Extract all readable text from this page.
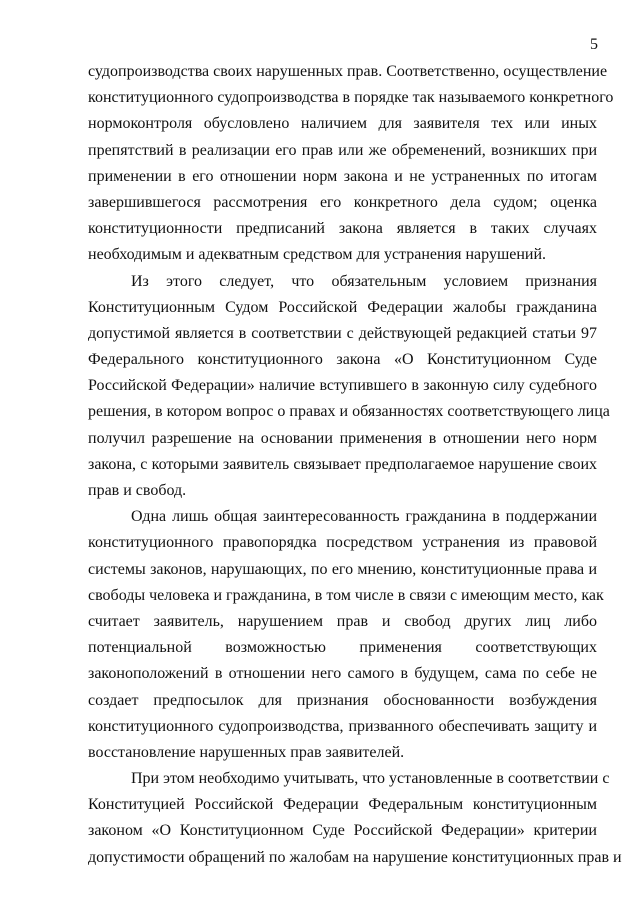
5
судопроизводства своих нарушенных прав. Соответственно, осуществление
конституционного судопроизводства в порядке так называемого конкретного
нормоконтроля обусловлено наличием для заявителя тех или иных
препятствий в реализации его прав или же обременений, возникших при
применении в его отношении норм закона и не устраненных по итогам
завершившегося рассмотрения его конкретного дела судом; оценка
конституционности предписаний закона является в таких случаях
необходимым и адекватным средством для устранения нарушений.
Из этого следует, что обязательным условием признания
Конституционным Судом Российской Федерации жалобы гражданина
допустимой является в соответствии с действующей редакцией статьи 97
Федерального конституционного закона «О Конституционном Суде
Российской Федерации» наличие вступившего в законную силу судебного
решения, в котором вопрос о правах и обязанностях соответствующего лица
получил разрешение на основании применения в отношении него норм
закона, с которыми заявитель связывает предполагаемое нарушение своих
прав и свобод.
Одна лишь общая заинтересованность гражданина в поддержании
конституционного правопорядка посредством устранения из правовой
системы законов, нарушающих, по его мнению, конституционные права и
свободы человека и гражданина, в том числе в связи с имеющим место, как
считает заявитель, нарушением прав и свобод других лиц либо
потенциальной возможностью применения соответствующих
законоположений в отношении него самого в будущем, сама по себе не
создает предпосылок для признания обоснованности возбуждения
конституционного судопроизводства, призванного обеспечивать защиту и
восстановление нарушенных прав заявителей.
При этом необходимо учитывать, что установленные в соответствии с
Конституцией Российской Федерации Федеральным конституционным
законом «О Конституционном Суде Российской Федерации» критерии
допустимости обращений по жалобам на нарушение конституционных прав и
